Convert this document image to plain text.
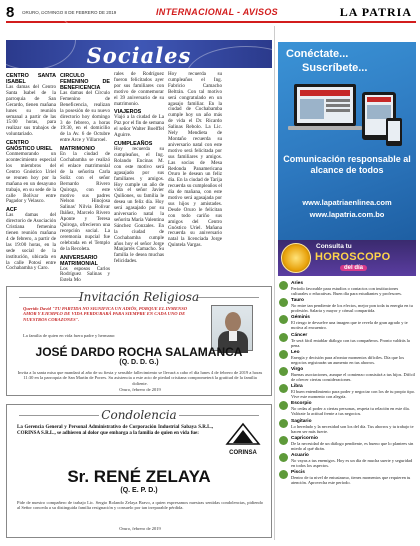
8 ORURO, DOMINGO 8 DE FEBRERO DE 2019	INTERNACIONAL - AVISOS	LA PATRIA
Sociales
CENTRO SANTA ISABEL

Las damas del Centro Santa Isabel de la parroquia de San Gerardo, tienen mañana lunes su reunión semanal a partir de las 15:00 horas, para realizar sus trabajos de voluntariado.

CENTRO GNÓSTICO URIEL

Conmemorando un acontecimiento especial los miembros del Centro Gnóstico Uriel se reunen hoy por la mañana en un desayuno trabajo, en su sede de la calle Bolívar entre Pagador y Velasco.

ACF

Las damas del directorio de Asociación Cristiana femenina tienen reunión mañana 4 de febrero, a partir de las 19:00 horas, en la sede social de la institución, ubicada en la calle Potosí entre Cochabamba y Caro.

CIRCULO FEMENINO DE BENEFICENCIA

Las damas del Círculo Femenino de Beneficencia, realizan la posesión de su nuevo directorio hoy domingo 3 de febrero, a horas 19:30, en el domicilio de la Av. 6 de Octubre entre Arce y Villarroel.

MATRIMONIO

En la ciudad de Cochabamba se realizó el enlace matrimonial de la señorita Carla Soliz con el señor Bernardo Rivero Quiroga, con este motivo sus padres Nelson Hinojosa Salinas' Nilvia Bolivar Ibáñez, Marcelo Rivero Aponte y Teresa Quiroga, ofrecieron una recepción social. La ceremonia nupcial fue celebrada en el Templo de la Recoleta.

ANIVERSARIO MATRIMONIAL

Los esposos Carlos Rodríguez Salinas y Estela Mo

rales de Rodríguez fueron felicitados ayer por sus familiares con motivo de conmemorar el 39 aniversario de su matrimonio.

VIAJEROS

Viajó a la ciudad de La Paz por el fin de semana el señor Walter Boelffel Aguirre.

CUMPLEAÑOS

Hoy recuerda su cumpleaños, el Ing. Rolando Encinas M. con este motivo será agasajado por sus familiares y amigos. Hoy cumple un año de vida el señor Javier Quiñones, su familia le desea un feliz día. Hoy será agasajado por su aniversario natal la señorita María Valentina Sánchez Gonzales. En la ciudad de Cochabamba cumple años hoy el señor Jorge Manjarrés Camacho. Su familia le desea muchas felicidades.

Hoy recuerda su cumpleaños el Ing. Fabricio Camacho Beltrán. Con tal motivo será congratulado en un agasajo familiar. En la ciudad de Cochabamba cumple hoy un año más de vida el Dr. Ricardo Salinas Rebolo. La Lic. Nely Mendieta de Montaño recuerda su aniversario natal con este motivo será felicitada por sus familiares y amigos. Las socias de Mesa Redonda Panamericana Oruro le desean un feliz día. En la ciudad de Tarija recuerda su cumpleaños el día de mañana, con este motivo será agasajada por sus hijos y amistades. Desde Oruro le felicitan con todo cariño sus amigos del Centro Gnóstico Uriel. Mañana recuerda su aniversario natal la licenciada Jorge Quintela Vargas.

Invitación Religiosa
Querido David "TU PARTIDA NO SIGNIFICA UN ADIÓS, PORQUE EL INMENSO AMOR Y EJEMPLO DE VIDA PERDURARÁ PARA SIEMPRE EN CADA UNO DE NUESTROS CORAZONES".
La familia de quien en vida fuera padre y hermano:
JOSÉ DARDO ROCHA SALAMANCA
(Q. D. D. G.)
Invita a la santa misa que mandará al año de su fiesta y sensible fallecimiento se llevará a cabo el día lunes 4 de febrero de 2019 a horas 11:30 en la parroquia de San Martín de Porres. Su asistencia a este acto de piedad cristiana comprometerá la gratitud de la familia doliente.
Oruro, febrero de 2019
Condolencia
La Gerencia General y Personal Administrativo de Corporación Industrial Sabaya S.R.L., CORINSA S.R.L., se adhieren al dolor que embarga a la familia de quien en vida fue:
CORINSA
Sr. RENÉ ZELAYA
(Q. E. P. D.)
Pide de nuestro compañero de trabajo Lic. Sergio Rolando Zelaya Bravo, a quien expresamos nuestras sentidas condolencias, pidiendo al Señor conceda a su distinguida familia resignación y consuelo por tan irreparable pérdida.
Oruro, febrero de 2019
Conéctate...
Suscríbete...
Comunicación responsable al alcance de todos
www.lapatriaenlinea.com
www.lapatria.com.bo
Consulta tu
HOROSCOPO
del día
Aries
Período favorable para estudios o contactos con instituciones culturales o educativas. Buen día para estudiantes y profesores.
Tauro
No entre tan pendiente de los efectos, mejor pon toda tu energía en tu profesión. Salaria y mayor y cónsul compartida.
Géminis
El riesgo te devuelve una imagen que te revela de gran agrado y te motiva al encuentro.
Cáncer
Te será fácil entablar diálogo con tus compañeros. Pronto valdrás la pena.
Leo
Energía y decisión para afrontar momentos difíciles. Día que los negocios registrarán un aumento en tus ahorros.
Virgo
Buenas asociaciones, aunque el comienzo consistirá a tus hijos. Difícil de ofrecer ciertas consideraciones.
Libra
El buen entendimiento para poder y negociar con los de tu propio tipo. Vive este momento con alegría.
Escorpio
No cedas al poder a ciertas personas, respeta tu relación en este día. Valórate la actitud frente a tus negocios.
Sagitario
Lo heredado y la necesidad son los del día. Tus ahorros y tu trabajo te hacen ser más fuerte.
Capricornio
De la necesidad de un diálogo pendiente, es bueno que lo plantees sin miedo al qué dirán.
Acuario
No vayas a tus enemigos. Hoy es un día de mucha suerte y seguridad en todos los aspectos.
Piscis
Dentro de tu nivel de entusiasmo, tienes momentos que requieren tu atención. Aprovecha este período.
